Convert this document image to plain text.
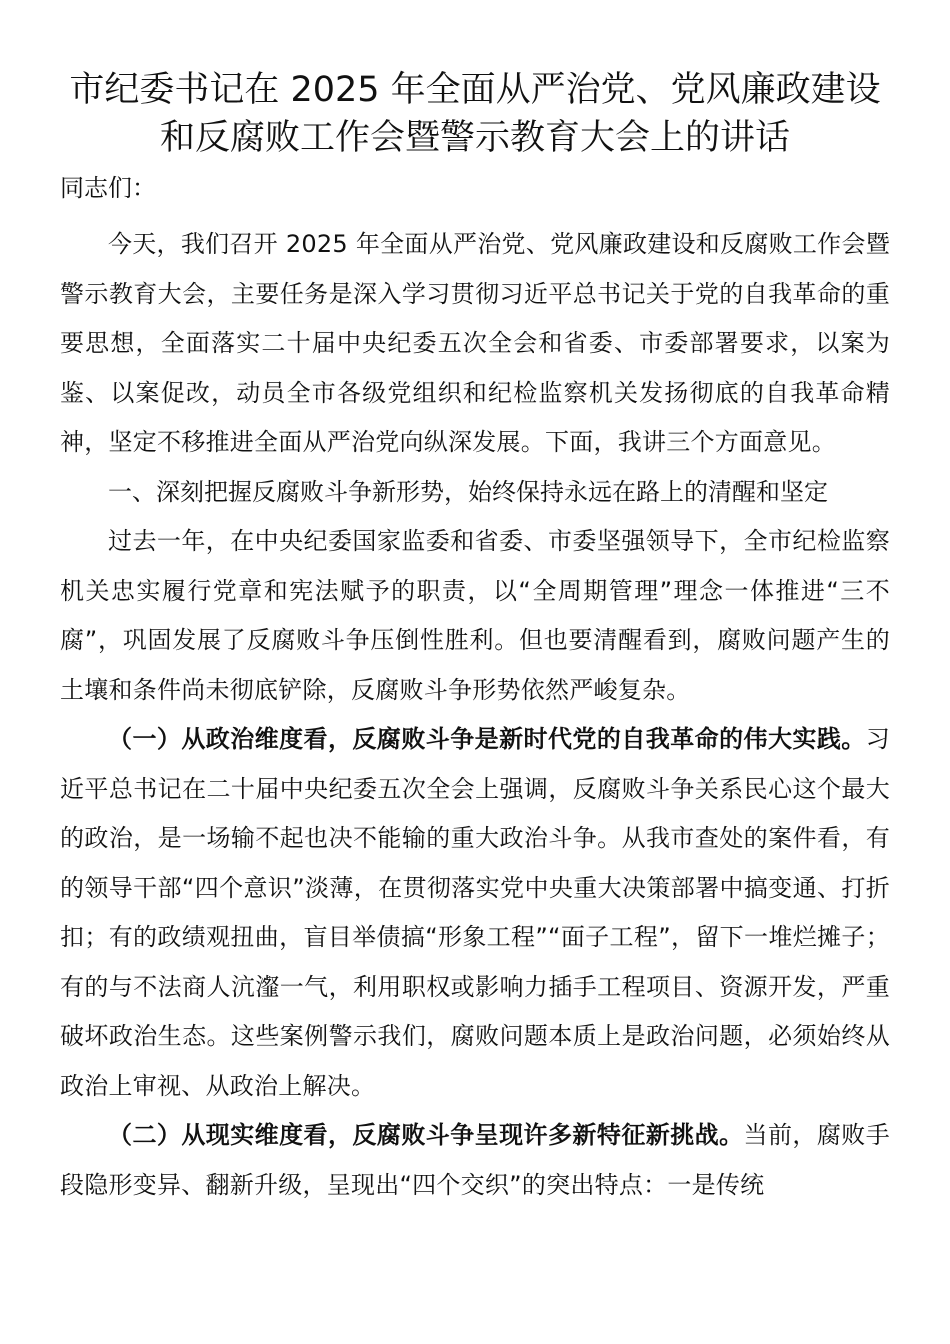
市纪委书记在 2025 年全面从严治党、党风廉政建设
和反腐败工作会暨警示教育大会上的讲话
同志们：

今天，我们召开 2025 年全面从严治党、党风廉政建设和反腐败工作会暨警示教育大会，主要任务是深入学习贯彻习近平总书记关于党的自我革命的重要思想，全面落实二十届中央纪委五次全会和省委、市委部署要求，以案为鉴、以案促改，动员全市各级党组织和纪检监察机关发扬彻底的自我革命精神，坚定不移推进全面从严治党向纵深发展。下面，我讲三个方面意见。

一、深刻把握反腐败斗争新形势，始终保持永远在路上的清醒和坚定

过去一年，在中央纪委国家监委和省委、市委坚强领导下，全市纪检监察机关忠实履行党章和宪法赋予的职责，以“全周期管理”理念一体推进“三不腐”，巩固发展了反腐败斗争压倒性胜利。但也要清醒看到，腐败问题产生的土壤和条件尚未彻底铲除，反腐败斗争形势依然严峻复杂。

（一）从政治维度看，反腐败斗争是新时代党的自我革命的伟大实践。习近平总书记在二十届中央纪委五次全会上强调，反腐败斗争关系民心这个最大的政治，是一场输不起也决不能输的重大政治斗争。从我市查处的案件看，有的领导干部“四个意识”淡薄，在贯彻落实党中央重大决策部署中搞变通、打折扣；有的政绩观扭曲，盲目举债搞“形象工程”“面子工程”，留下一堆烂摊子；有的与不法商人沆瀣一气，利用职权或影响力插手工程项目、资源开发，严重破坏政治生态。这些案例警示我们，腐败问题本质上是政治问题，必须始终从政治上审视、从政治上解决。

（二）从现实维度看，反腐败斗争呈现许多新特征新挑战。当前，腐败手段隐形变异、翻新升级，呈现出“四个交织”的突出特点：一是传统
